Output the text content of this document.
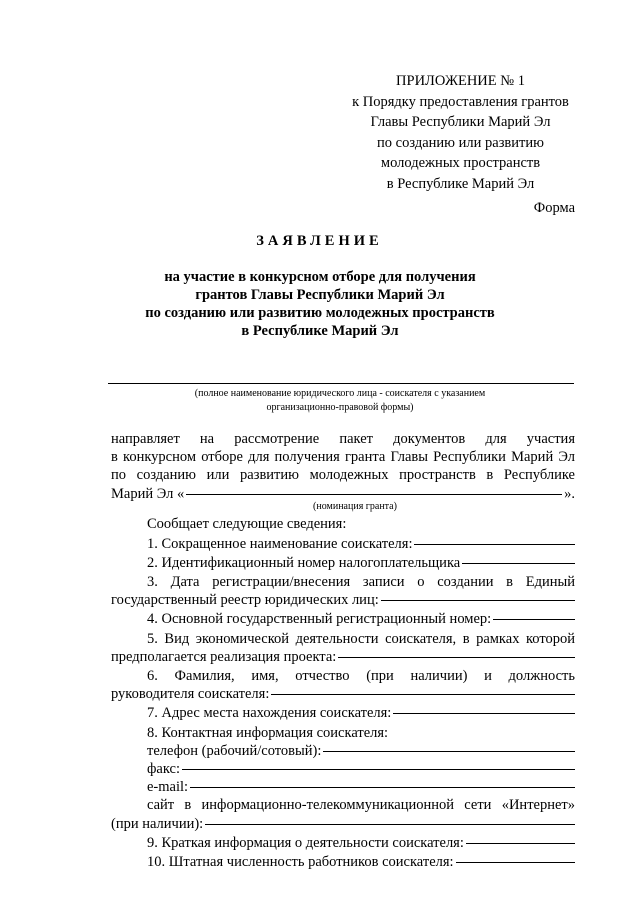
ПРИЛОЖЕНИЕ № 1
к Порядку предоставления грантов
Главы Республики Марий Эл
по созданию или развитию
молодежных пространств
в Республике Марий Эл
Форма
ЗАЯВЛЕНИЕ
на участие в конкурсном отборе для получения
грантов Главы Республики Марий Эл
по созданию или развитию молодежных пространств
в Республике Марий Эл
(полное наименование юридического лица - соискателя с указанием
организационно-правовой формы)
направляет на рассмотрение пакет документов для участия
в конкурсном отборе для получения гранта Главы Республики Марий Эл
по созданию или развитию молодежных пространств в Республике
Марий Эл «	».
(номинация гранта)
Сообщает следующие сведения:
1. Сокращенное наименование соискателя:
2. Идентификационный номер налогоплательщика
3. Дата регистрации/внесения записи о создании в Единый
государственный реестр юридических лиц:
4. Основной государственный регистрационный номер:
5. Вид экономической деятельности соискателя, в рамках которой
предполагается реализация проекта:
6. Фамилия, имя, отчество (при наличии) и должность
руководителя соискателя:
7. Адрес места нахождения соискателя:
8. Контактная информация соискателя:
телефон (рабочий/сотовый):
факс:
e-mail:
сайт в информационно-телекоммуникационной сети «Интернет»
(при наличии):
9. Краткая информация о деятельности соискателя:
10. Штатная численность работников соискателя:
